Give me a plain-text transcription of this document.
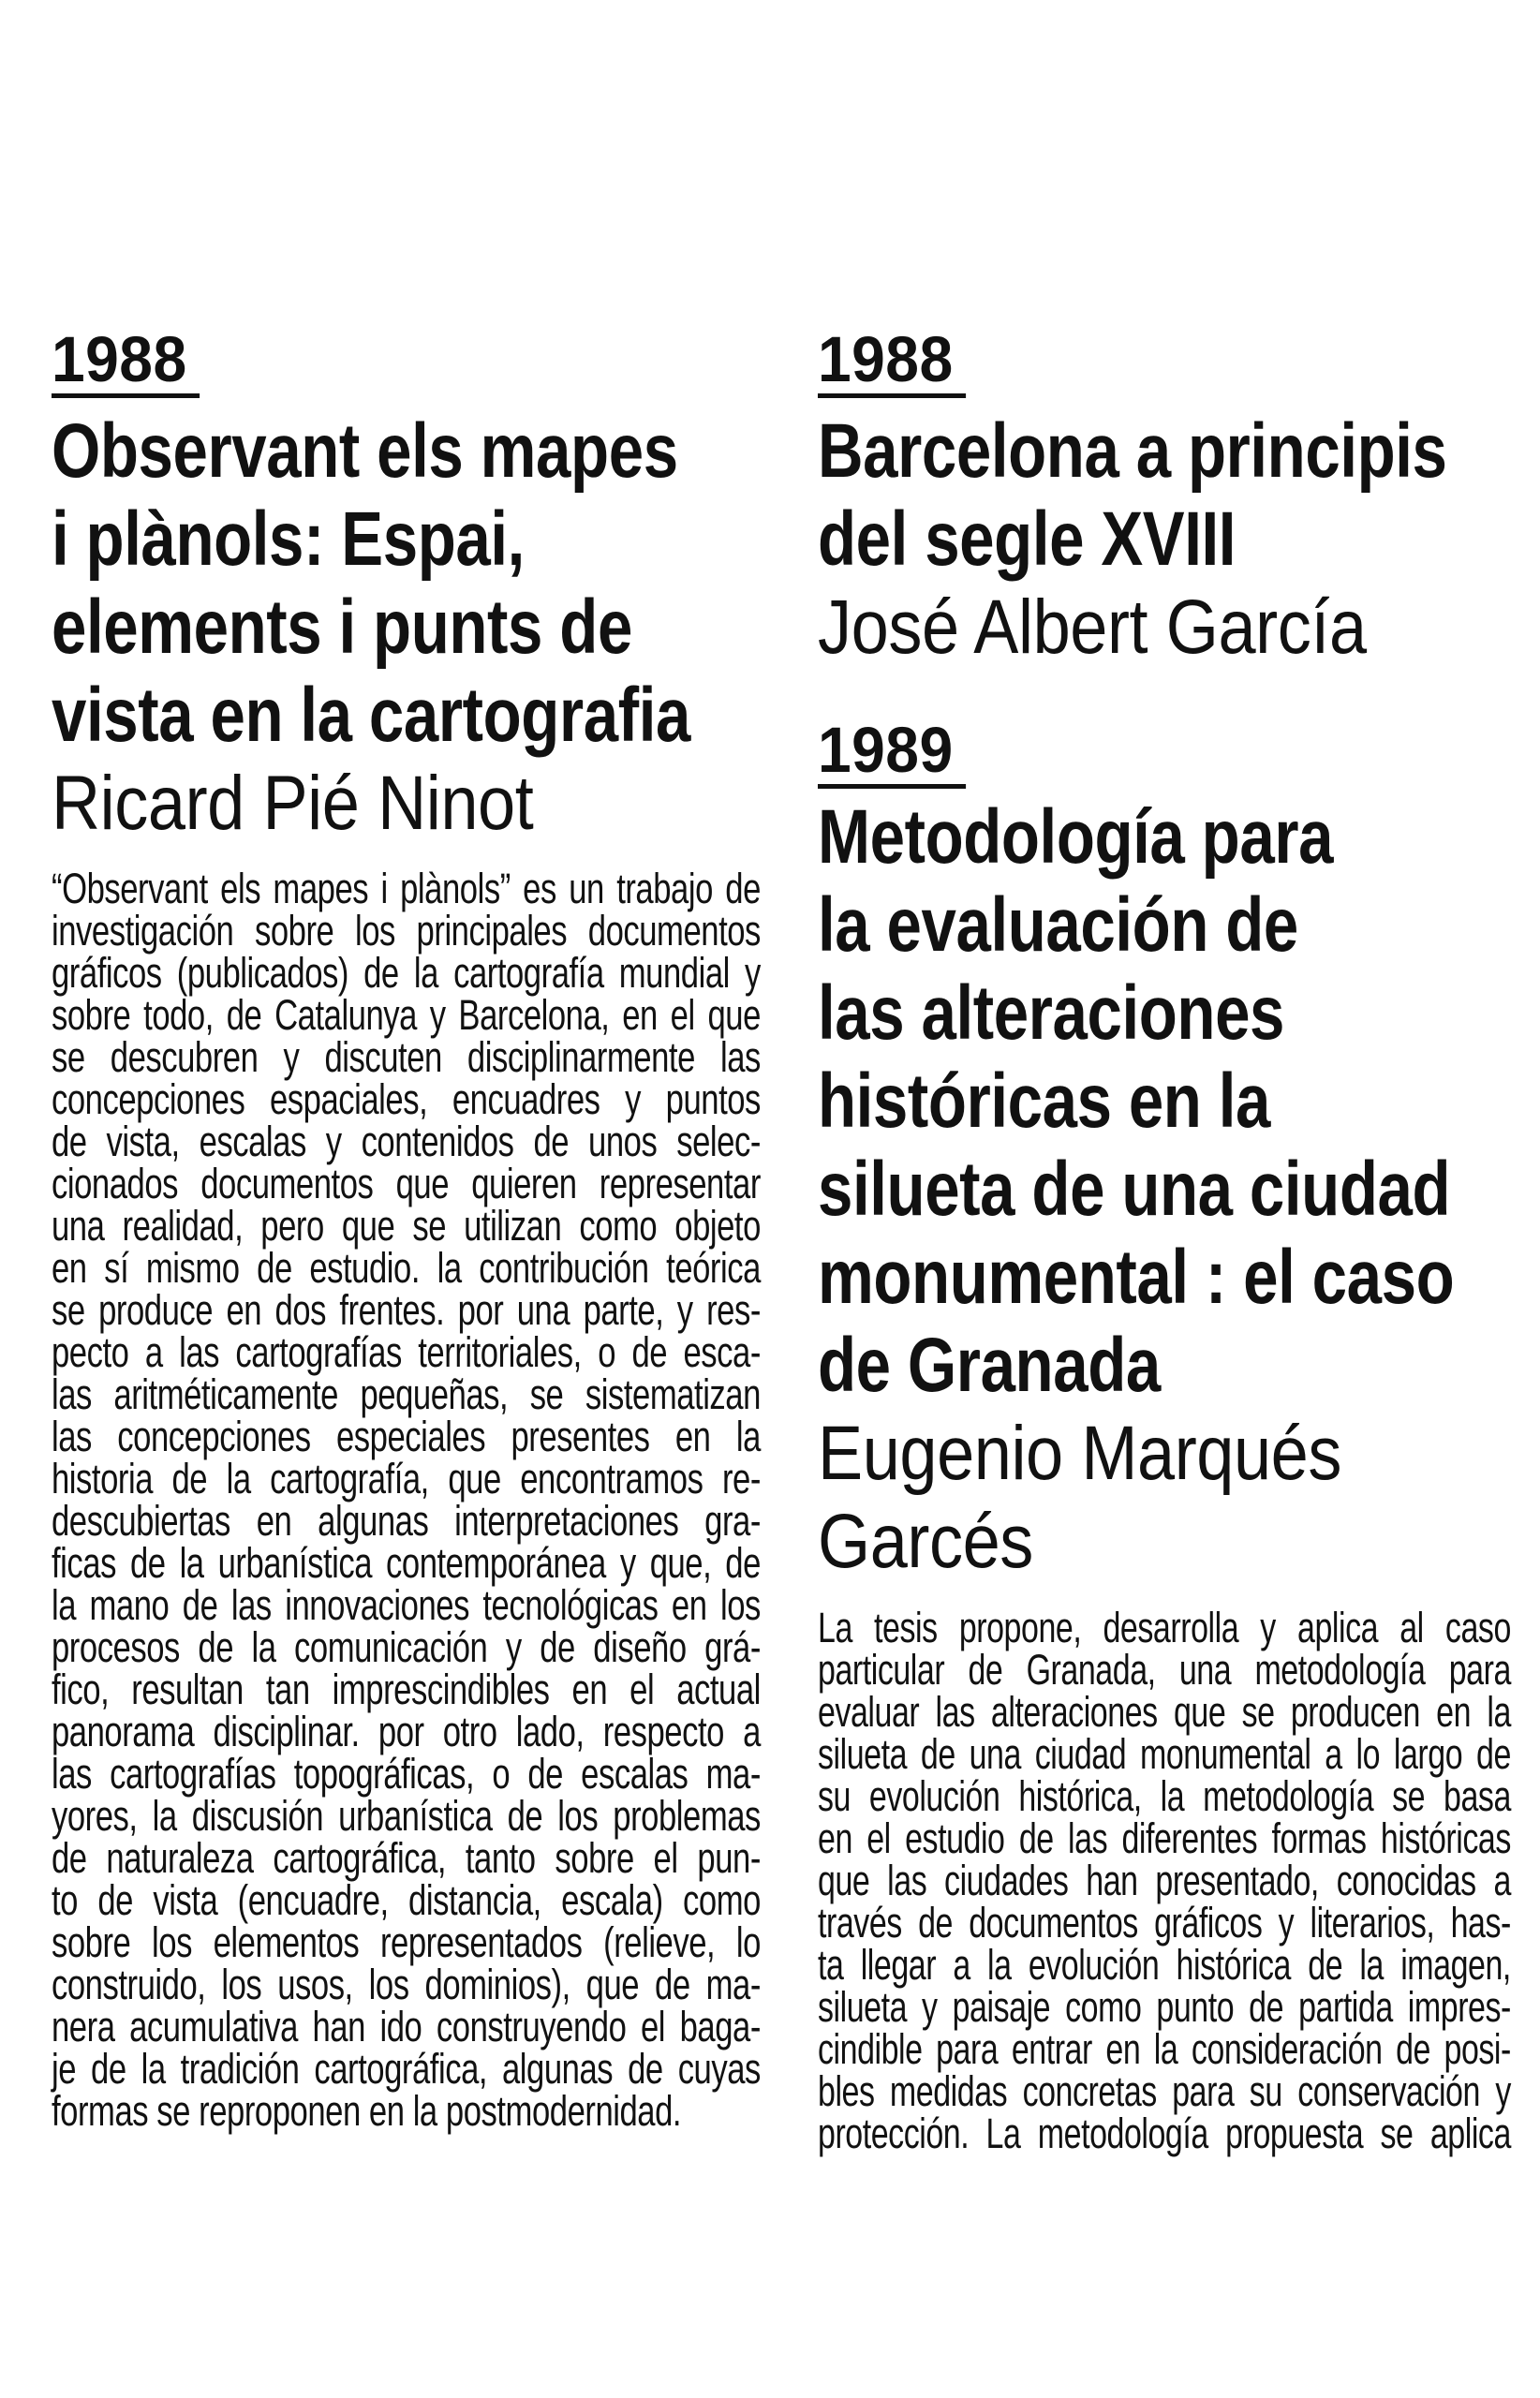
1988
Observant els mapes
i plànols: Espai,
elements i punts de
vista en la cartografia
Ricard Pié Ninot
“Observant els mapes i plànols” es un trabajo de
investigación sobre los principales documentos
gráficos (publicados) de la cartografía mundial y
sobre todo, de Catalunya y Barcelona, en el que
se descubren y discuten disciplinarmente las
concepciones espaciales, encuadres y puntos
de vista, escalas y contenidos de unos selec-
cionados documentos que quieren representar
una realidad, pero que se utilizan como objeto
en sí mismo de estudio. la contribución teórica
se produce en dos frentes. por una parte, y res-
pecto a las cartografías territoriales, o de esca-
las aritméticamente pequeñas, se sistematizan
las concepciones especiales presentes en la
historia de la cartografía, que encontramos re-
descubiertas en algunas interpretaciones gra-
ficas de la urbanística contemporánea y que, de
la mano de las innovaciones tecnológicas en los
procesos de la comunicación y de diseño grá-
fico, resultan tan imprescindibles en el actual
panorama disciplinar. por otro lado, respecto a
las cartografías topográficas, o de escalas ma-
yores, la discusión urbanística de los problemas
de naturaleza cartográfica, tanto sobre el pun-
to de vista (encuadre, distancia, escala) como
sobre los elementos representados (relieve, lo
construido, los usos, los dominios), que de ma-
nera acumulativa han ido construyendo el baga-
je de la tradición cartográfica, algunas de cuyas
formas se reproponen en la postmodernidad.
1988
Barcelona a principis
del segle XVIII
José Albert García
1989
Metodología para
la evaluación de
las alteraciones
históricas en la
silueta de una ciudad
monumental : el caso
de Granada
Eugenio Marqués
Garcés
La tesis propone, desarrolla y aplica al caso
particular de Granada, una metodología para
evaluar las alteraciones que se producen en la
silueta de una ciudad monumental a lo largo de
su evolución histórica, la metodología se basa
en el estudio de las diferentes formas históricas
que las ciudades han presentado, conocidas a
través de documentos gráficos y literarios, has-
ta llegar a la evolución histórica de la imagen,
silueta y paisaje como punto de partida impres-
cindible para entrar en la consideración de posi-
bles medidas concretas para su conservación y
protección. La metodología propuesta se aplica
